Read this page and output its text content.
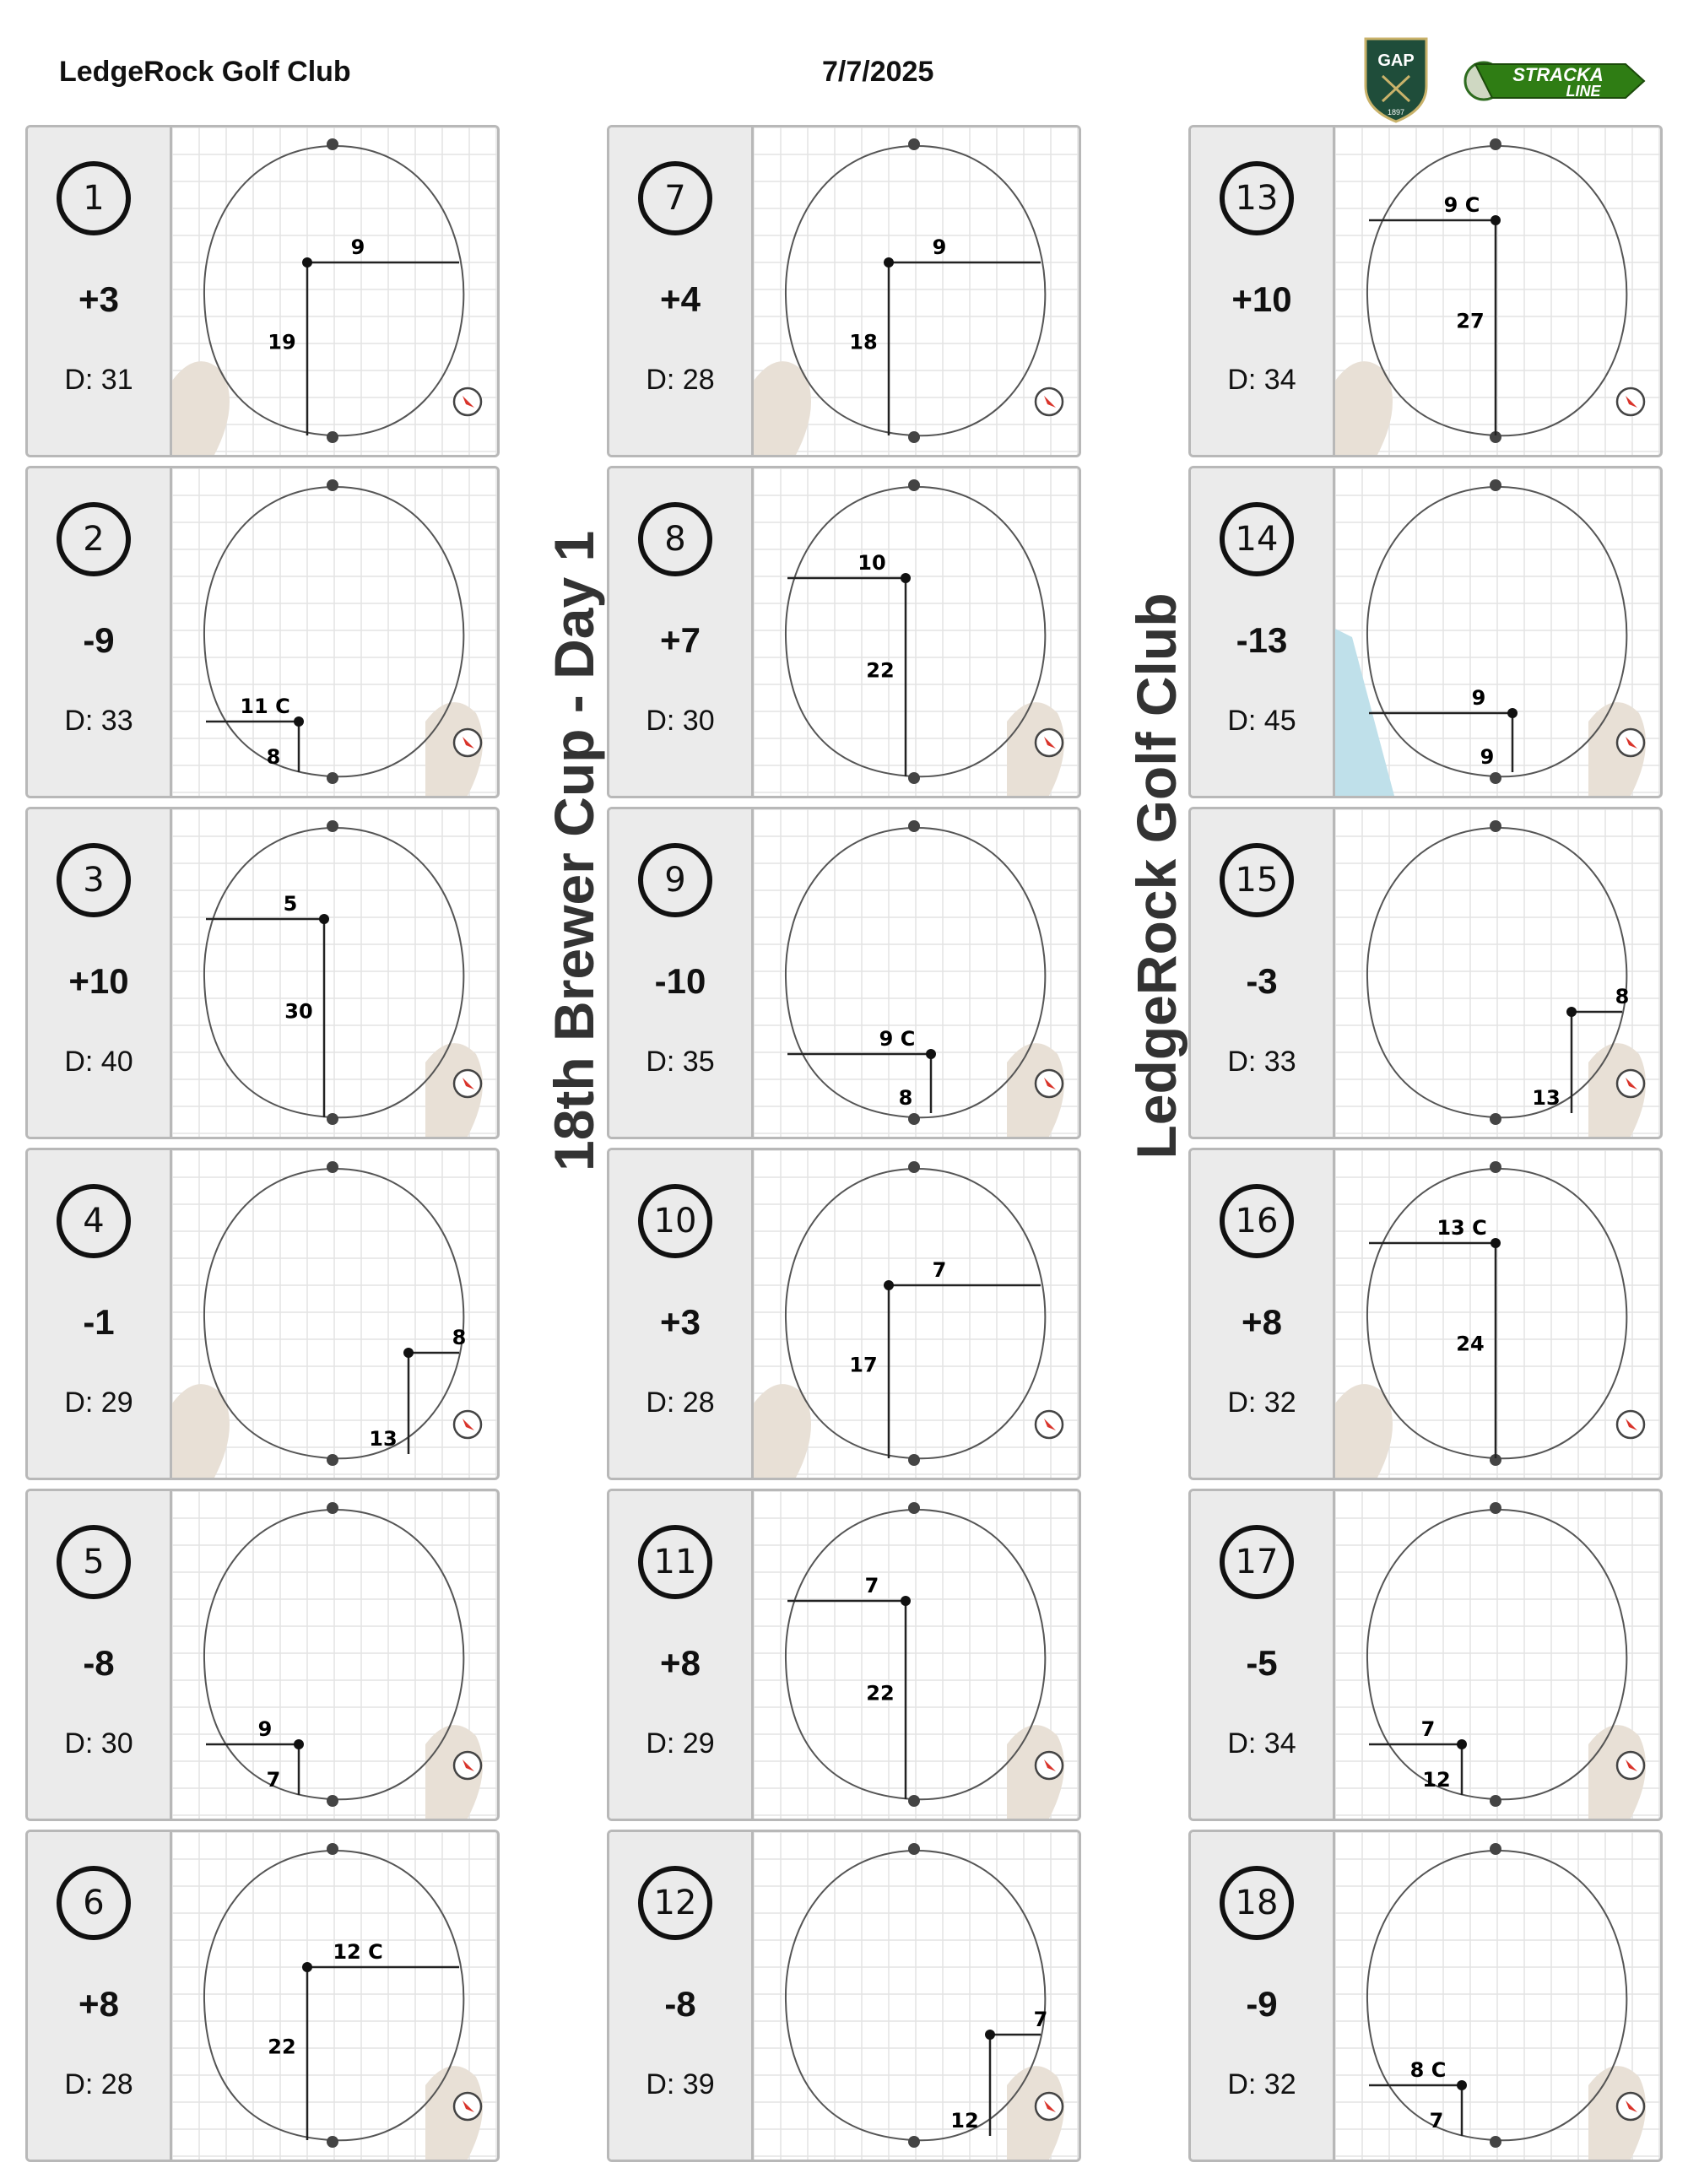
LedgeRock Golf Club	7/7/2025	GAP
1897
STRACKA
LINE
18th Brewer Cup - Day 1	LedgeRock Golf Club
1
+3
D: 31
9
19
2
-9
D: 33	11 C
8
3
+10
D: 40
5
30
4
-1
D: 29
8
13
5
-8
D: 30	9
7
6
+8
D: 28
12 C
22
7
+4
D: 28
9
18
8
+7
D: 30
10
22
9
-10
D: 35
9 C
8
10
+3
D: 28
7
17
11
+8
D: 29
7
22
12
-8
D: 39
7
12
13
+10
D: 34
9 C
27
14
-13
D: 45
9
9
15
-3
D: 33
8
13
16
+8
D: 32
13 C
24
17
-5
D: 34	7
12
18
-9
D: 32	8 C
7
